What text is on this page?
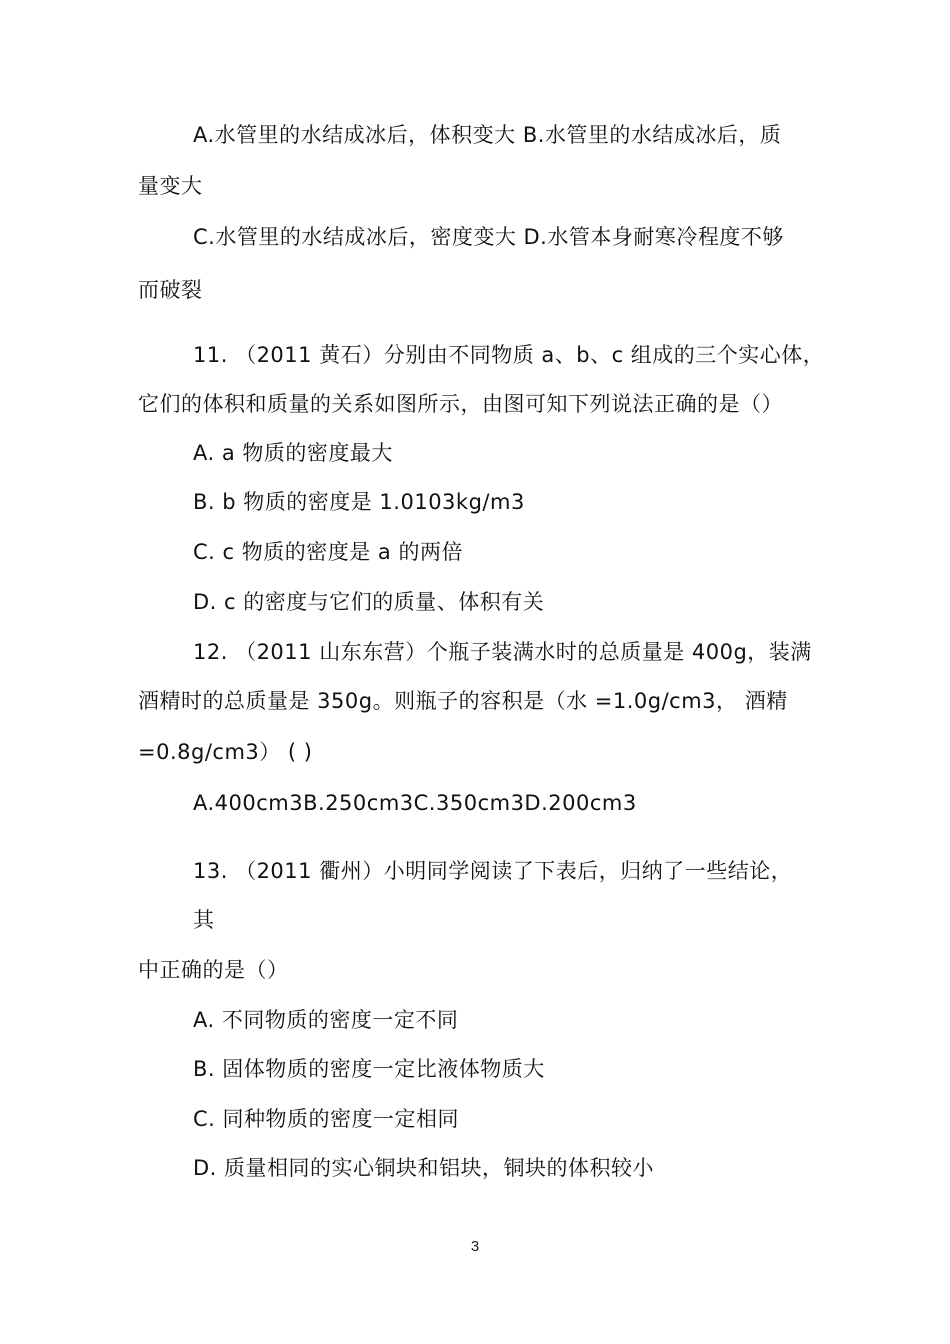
A.水管里的水结成冰后，体积变大 B.水管里的水结成冰后，质
量变大
C.水管里的水结成冰后，密度变大 D.水管本身耐寒冷程度不够
而破裂
11. （2011 黄石）分别由不同物质 a、b、c 组成的三个实心体，
它们的体积和质量的关系如图所示，由图可知下列说法正确的是（）
A. a 物质的密度最大
B. b 物质的密度是 1.0103kg/m3
C. c 物质的密度是 a 的两倍
D. c 的密度与它们的质量、体积有关
12. （2011 山东东营）个瓶子装满水时的总质量是 400g，装满
酒精时的总质量是 350g。则瓶子的容积是（水 =1.0g/cm3， 酒精
=0.8g/cm3） ( )
A.400cm3B.250cm3C.350cm3D.200cm3
13. （2011 衢州）小明同学阅读了下表后，归纳了一些结论，
其
中正确的是（）
A. 不同物质的密度一定不同
B. 固体物质的密度一定比液体物质大
C. 同种物质的密度一定相同
D. 质量相同的实心铜块和铝块，铜块的体积较小
3
